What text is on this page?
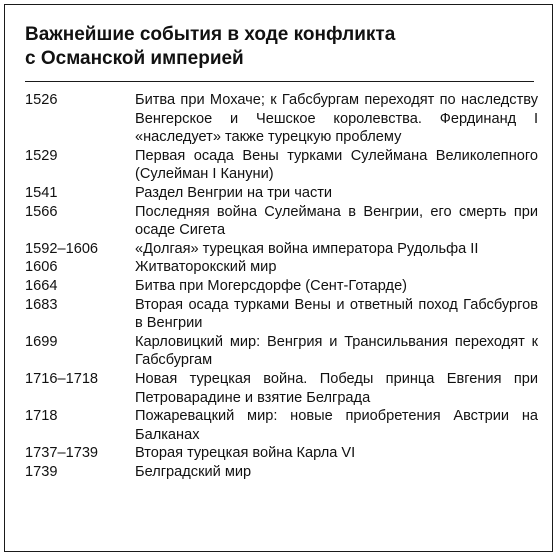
Важнейшие события в ходе конфликта
с Османской империей
1526	Битва при Мохаче; к Габсбургам переходят по наследству Венгерское и Чешское королевства. Фердинанд I «наследует» также турецкую проблему
1529	Первая осада Вены турками Сулеймана Великолепного (Сулейман I Кануни)
1541	Раздел Венгрии на три части
1566	Последняя война Сулеймана в Венгрии, его смерть при осаде Сигета
1592–1606	«Долгая» турецкая война императора Рудольфа II
1606	Житваторокский мир
1664	Битва при Могерсдорфе (Сент-Готарде)
1683	Вторая осада турками Вены и ответный поход Габсбургов в Венгрии
1699	Карловицкий мир: Венгрия и Трансильвания переходят к Габсбургам
1716–1718	Новая турецкая война. Победы принца Евгения при Петроварадине и взятие Белграда
1718	Пожаревацкий мир: новые приобретения Австрии на Балканах
1737–1739	Вторая турецкая война Карла VI
1739	Белградский мир
